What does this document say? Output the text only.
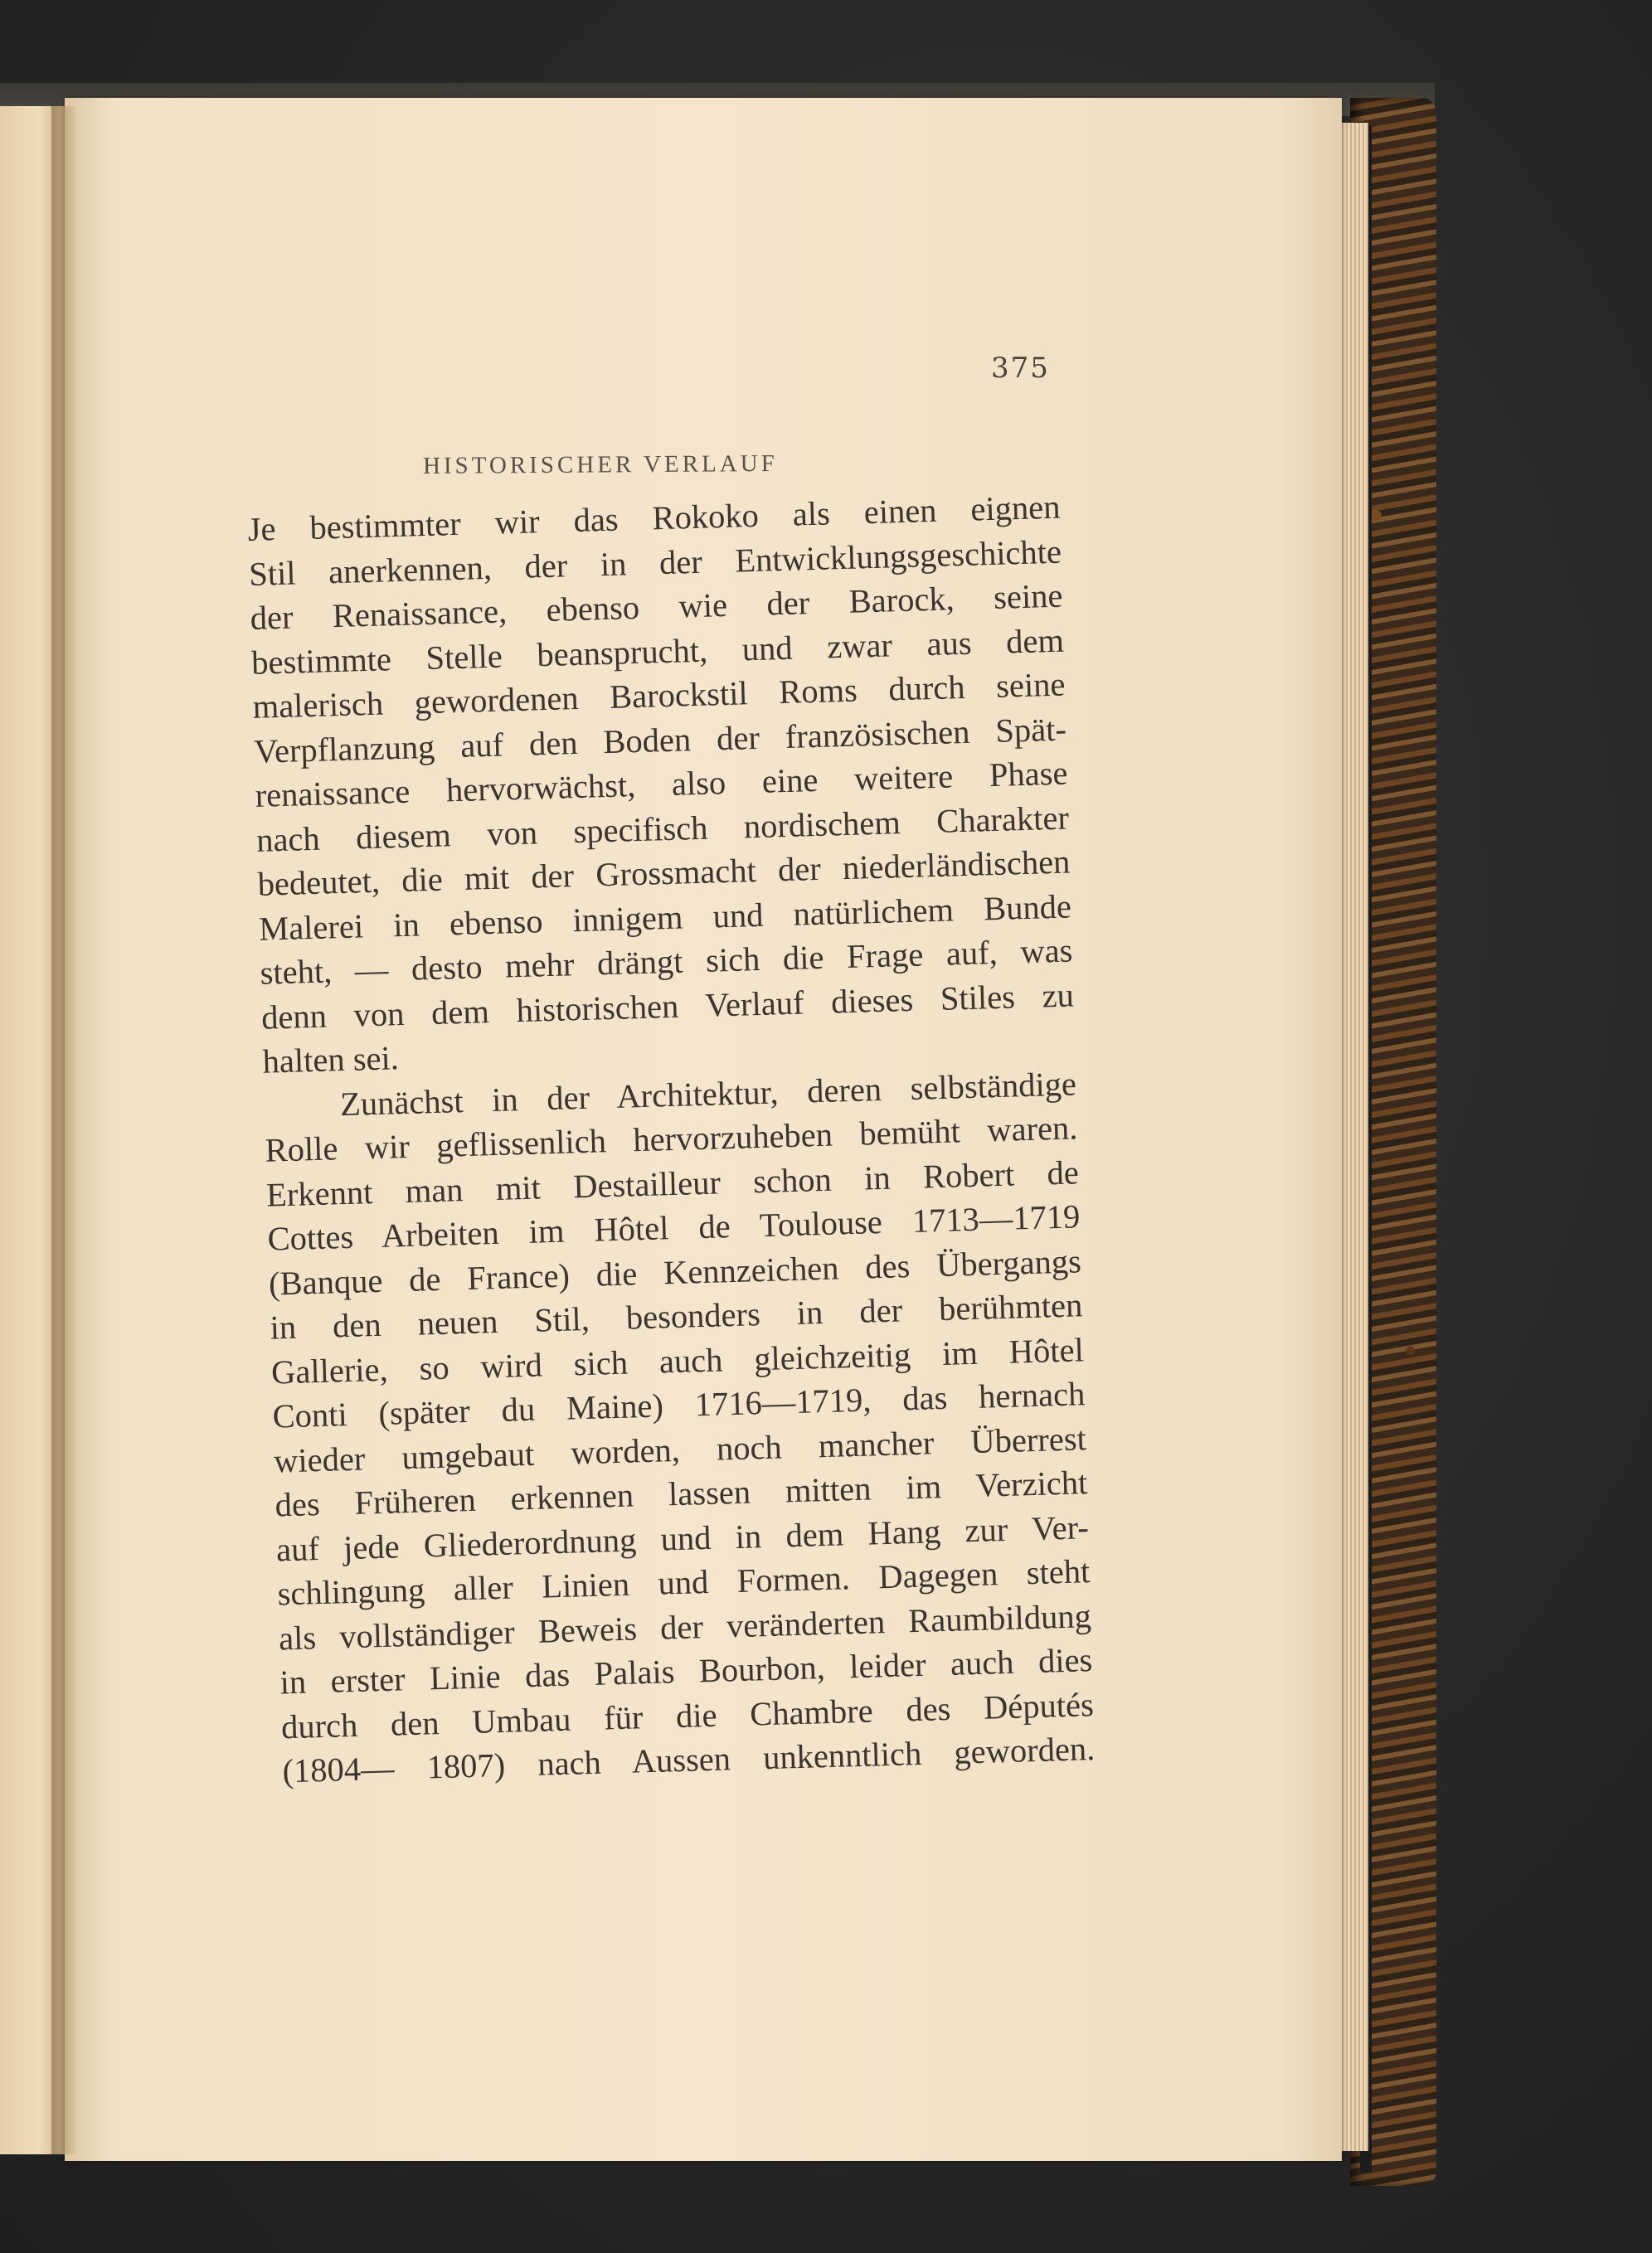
375
HISTORISCHER VERLAUF
Je bestimmter wir das Rokoko als einen eignen
Stil anerkennen, der in der Entwicklungsgeschichte
der Renaissance, ebenso wie der Barock, seine
bestimmte Stelle beansprucht, und zwar aus dem
malerisch gewordenen Barockstil Roms durch seine
Verpflanzung auf den Boden der französischen Spät-
renaissance hervorwächst, also eine weitere Phase
nach diesem von specifisch nordischem Charakter
bedeutet, die mit der Grossmacht der niederländischen
Malerei in ebenso innigem und natürlichem Bunde
steht, — desto mehr drängt sich die Frage auf, was
denn von dem historischen Verlauf dieses Stiles zu
halten sei.
Zunächst in der Architektur, deren selbständige
Rolle wir geflissenlich hervorzuheben bemüht waren.
Erkennt man mit Destailleur schon in Robert de
Cottes Arbeiten im Hôtel de Toulouse 1713—1719
(Banque de France) die Kennzeichen des Übergangs
in den neuen Stil, besonders in der berühmten
Gallerie, so wird sich auch gleichzeitig im Hôtel
Conti (später du Maine) 1716—1719, das hernach
wieder umgebaut worden, noch mancher Überrest
des Früheren erkennen lassen mitten im Verzicht
auf jede Gliederordnung und in dem Hang zur Ver-
schlingung aller Linien und Formen. Dagegen steht
als vollständiger Beweis der veränderten Raumbildung
in erster Linie das Palais Bourbon, leider auch dies
durch den Umbau für die Chambre des Députés
(1804— 1807) nach Aussen unkenntlich geworden.
